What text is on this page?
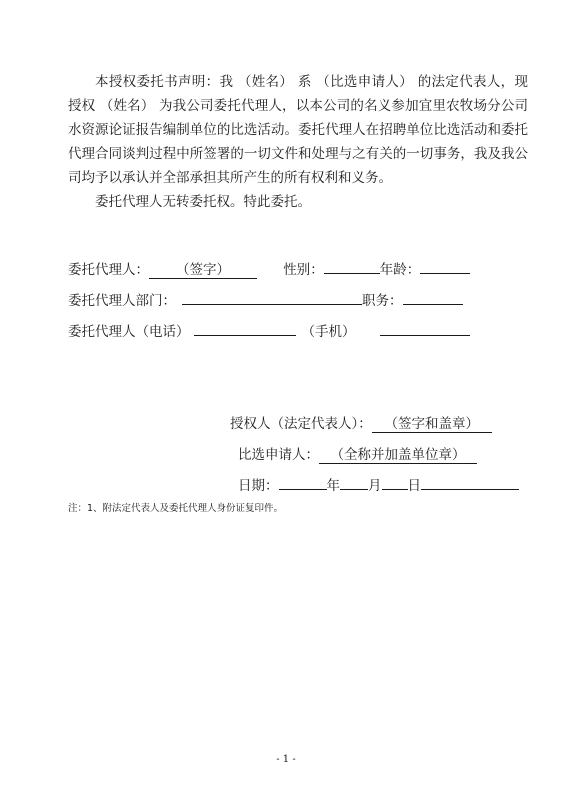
本授权委托书声明：我 （姓名） 系 （比选申请人） 的法定代表人，现授权 （姓名） 为我公司委托代理人，以本公司的名义参加宜里农牧场分公司水资源论证报告编制单位的比选活动。委托代理人在招聘单位比选活动和委托代理合同谈判过程中所签署的一切文件和处理与之有关的一切事务，我及我公司均予以承认并全部承担其所产生的所有权利和义务。

委托代理人无转委托权。特此委托。

委托代理人： （签字）	性别：	年龄：
委托代理人部门：	职务：
委托代理人（电话）	（手机）
授权人（法定代表人）： （签字和盖章）
比选申请人： （全称并加盖单位章）
日期：	年 月 日
注：1、附法定代表人及委托代理人身份证复印件。
- 1 -
